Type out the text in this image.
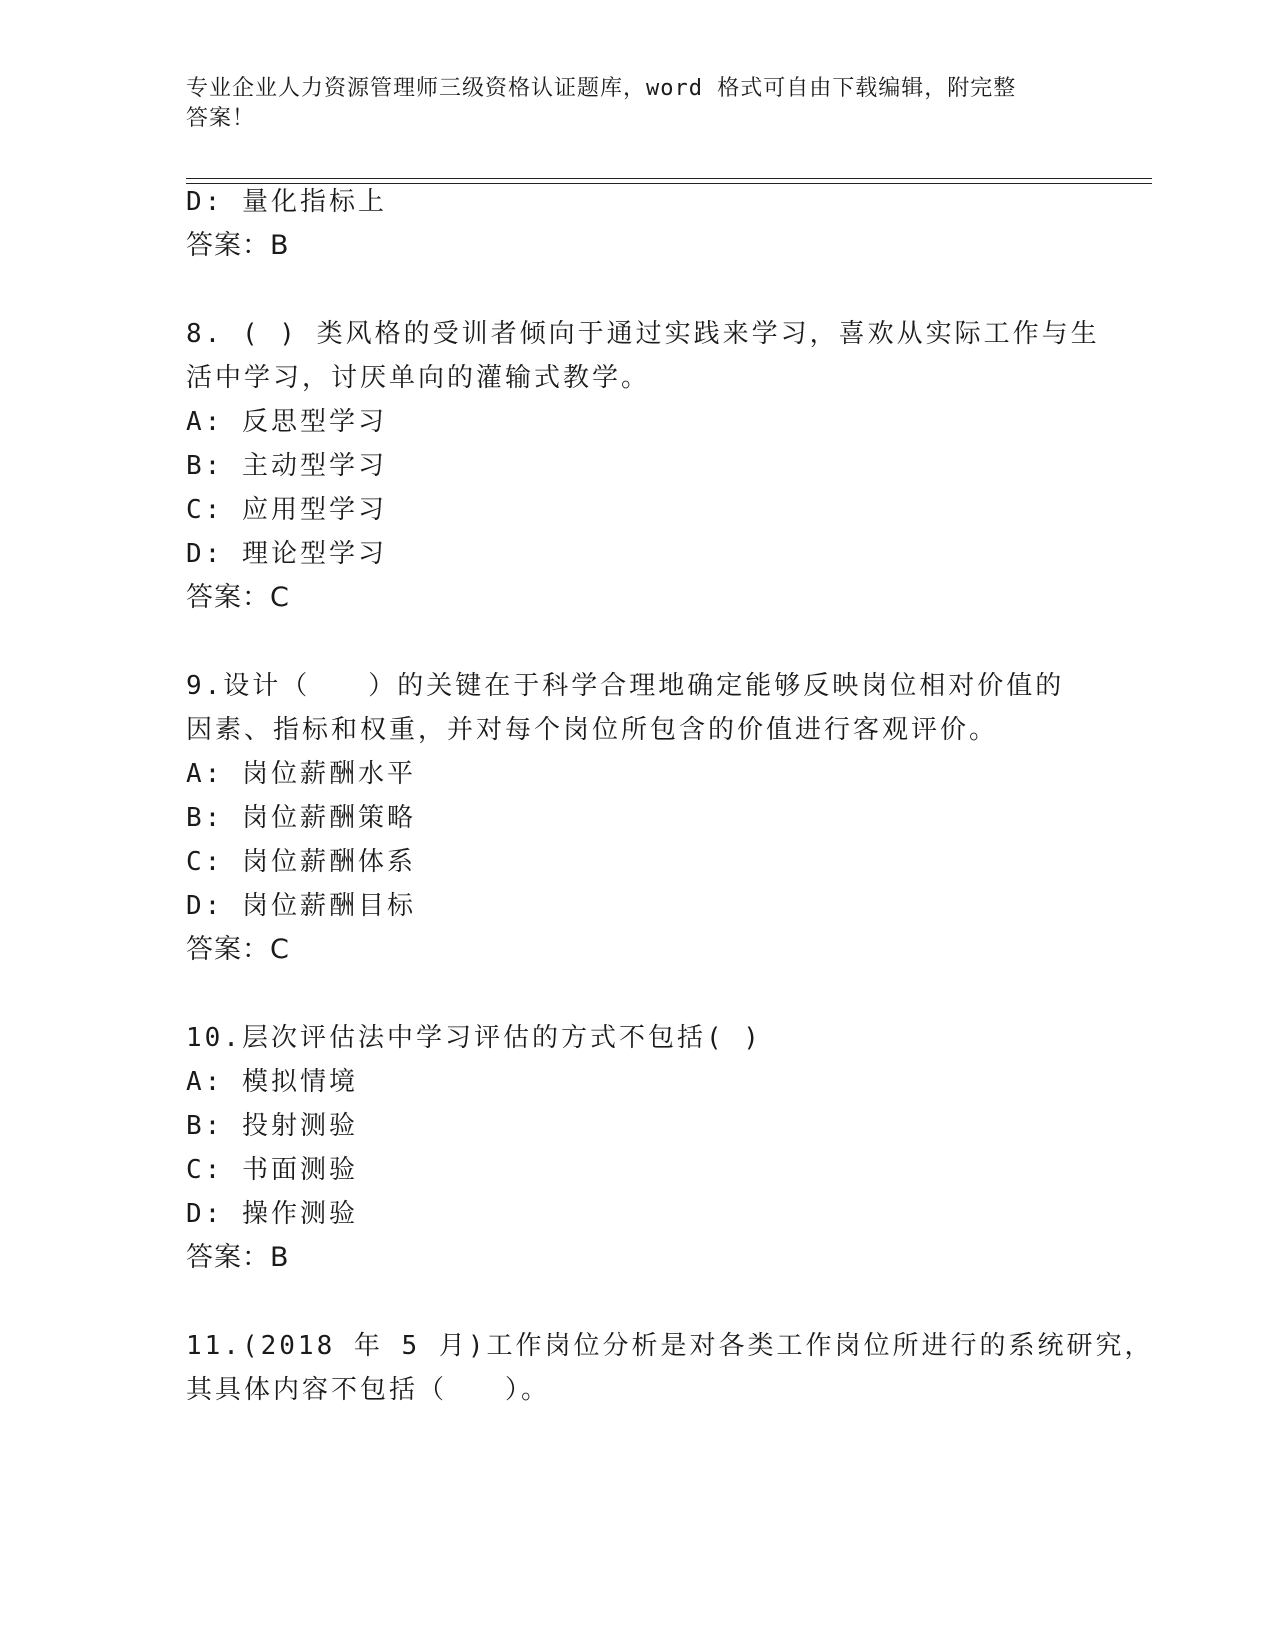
专业企业人力资源管理师三级资格认证题库，word 格式可自由下载编辑，附完整
答案！
D: 量化指标上
答案：B
8. ( ) 类风格的受训者倾向于通过实践来学习，喜欢从实际工作与生
活中学习，讨厌单向的灌输式教学。
A: 反思型学习
B: 主动型学习
C: 应用型学习
D: 理论型学习
答案：C
9.设计（　　）的关键在于科学合理地确定能够反映岗位相对价值的
因素、指标和权重，并对每个岗位所包含的价值进行客观评价。
A: 岗位薪酬水平
B: 岗位薪酬策略
C: 岗位薪酬体系
D: 岗位薪酬目标
答案：C
10.层次评估法中学习评估的方式不包括( )
A: 模拟情境
B: 投射测验
C: 书面测验
D: 操作测验
答案：B
11.(2018 年 5 月)工作岗位分析是对各类工作岗位所进行的系统研究，
其具体内容不包括（　　）。
